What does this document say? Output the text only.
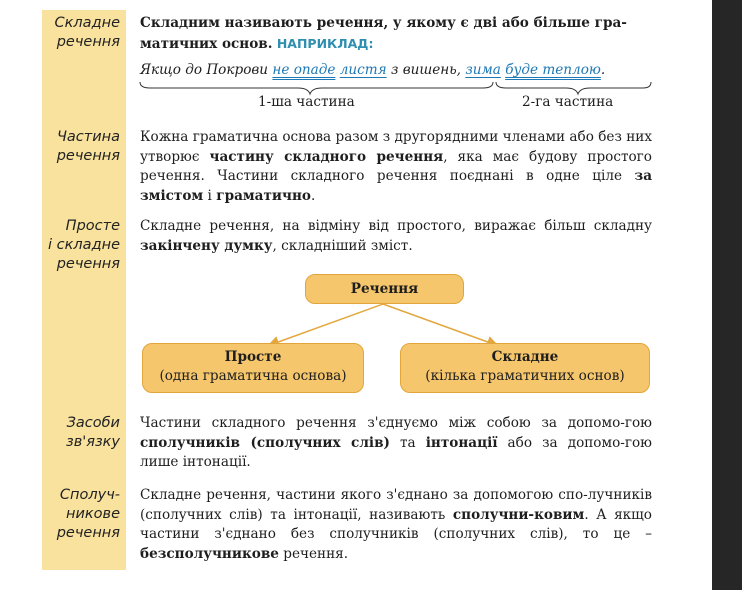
Складне
речення
Частина
речення
Просте
і складне
речення
Засоби
зв'язку
Сполуч-
никове
речення
Складним називають речення, у якому є дві або більше гра-
матичних основ. НАПРИКЛАД:
Якщо до Покрови не опаде листя з вишень, зима буде теплою.
1-ша частина	2-га частина
Кожна граматична основа разом з другорядними членами або без них утворює частину складного речення, яка має будову простого речення. Частини складного речення поєднані в одне ціле за змістом і граматично.
Складне речення, на відміну від простого, виражає більш складну закінчену думку, складніший зміст.
Речення
Просте
(одна граматична основа)
Складне
(кілька граматичних основ)
Частини складного речення з'єднуємо між собою за допомо-гою сполучників (сполучних слів) та інтонації або за допомо-гою лише інтонації.
Складне речення, частини якого з'єднано за допомогою спо-лучників (сполучних слів) та інтонації, називають сполучни-ковим. А якщо частини з'єднано без сполучників (сполучних слів), то це – безсполучникове речення.
